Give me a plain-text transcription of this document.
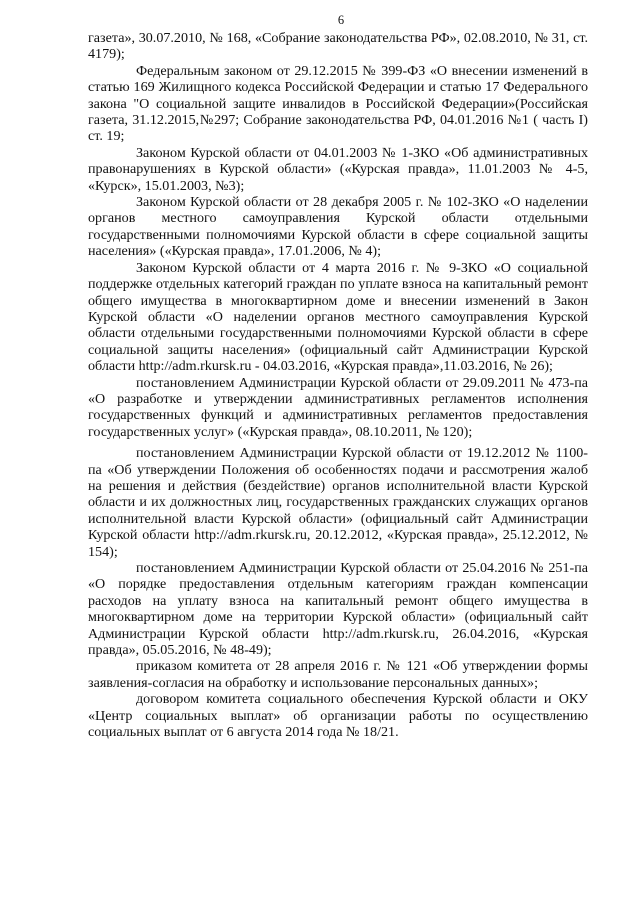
6

газета», 30.07.2010, № 168, «Собрание законодательства РФ», 02.08.2010, № 31, ст. 4179);

Федеральным законом от 29.12.2015 № 399-ФЗ «О внесении изменений в статью 169 Жилищного кодекса Российской Федерации и статью 17 Федерального закона "О социальной защите инвалидов в Российской Федерации»(Российская газета, 31.12.2015,№297; Собрание законодательства РФ, 04.01.2016 №1 ( часть I) ст. 19;

Законом Курской области от 04.01.2003 № 1-ЗКО «Об административных правонарушениях в Курской области» («Курская правда», 11.01.2003 № 4-5, «Курск», 15.01.2003, №3);

Законом Курской области от 28 декабря 2005 г. № 102-ЗКО «О наделении органов местного самоуправления Курской области отдельными государственными полномочиями Курской области в сфере социальной защиты населения» («Курская правда», 17.01.2006, № 4);

Законом Курской области от 4 марта 2016 г. № 9-ЗКО «О социальной поддержке отдельных категорий граждан по уплате взноса на капитальный ремонт общего имущества в многоквартирном доме и внесении изменений в Закон Курской области «О наделении органов местного самоуправления Курской области отдельными государственными полномочиями Курской области в сфере социальной защиты населения» (официальный сайт Администрации Курской области http://adm.rkursk.ru - 04.03.2016, «Курская правда»,11.03.2016, № 26);

постановлением Администрации Курской области от 29.09.2011 № 473-па «О разработке и утверждении административных регламентов исполнения государственных функций и административных регламентов предоставления государственных услуг» («Курская правда», 08.10.2011, № 120);

постановлением Администрации Курской области от 19.12.2012 № 1100-па «Об утверждении Положения об особенностях подачи и рассмотрения жалоб на решения и действия (бездействие) органов исполнительной власти Курской области и их должностных лиц, государственных гражданских служащих органов исполнительной власти Курской области» (официальный сайт Администрации Курской области http://adm.rkursk.ru, 20.12.2012, «Курская правда», 25.12.2012, № 154);

постановлением Администрации Курской области от 25.04.2016 № 251-па «О порядке предоставления отдельным категориям граждан компенсации расходов на уплату взноса на капитальный ремонт общего имущества в многоквартирном доме на территории Курской области» (официальный сайт Администрации Курской области http://adm.rkursk.ru, 26.04.2016, «Курская правда», 05.05.2016, № 48-49);

приказом комитета от 28 апреля 2016 г. № 121 «Об утверждении формы заявления-согласия на обработку и использование персональных данных»;

договором комитета социального обеспечения Курской области и ОКУ «Центр социальных выплат» об организации работы по осуществлению социальных выплат от 6 августа 2014 года № 18/21.
